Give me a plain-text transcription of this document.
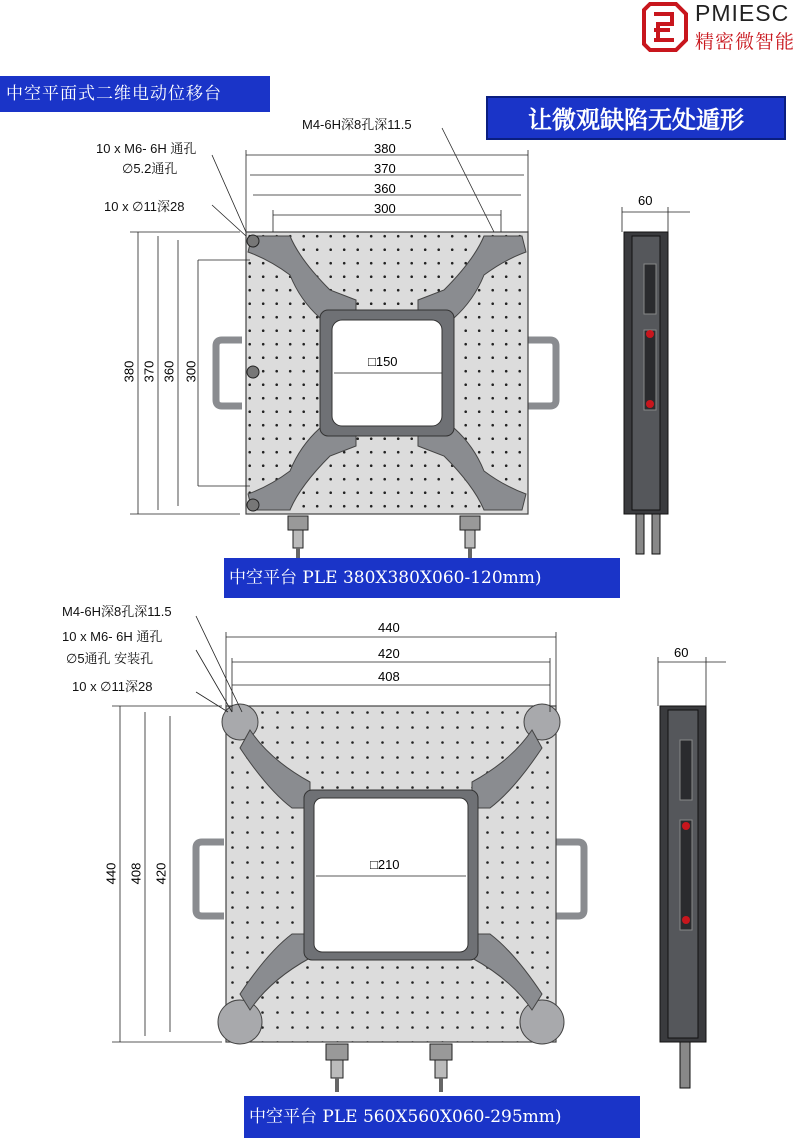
PMIESC
精密微智能
中空平面式二维电动位移台
让微观缺陷无处遁形
10 x M6- 6H 通孔
∅5.2通孔
10 x ∅11深28
M4-6H深8孔深11.5
380
370
360
300
380 370 360 300	□150
60
中空平台 PLE 380X380X060-120mm)
M4-6H深8孔深11.5
10 x M6- 6H 通孔
∅5通孔 安装孔
10 x ∅11深28
440
420
408
440 408 420	□210
60
中空平台 PLE 560X560X060-295mm)
